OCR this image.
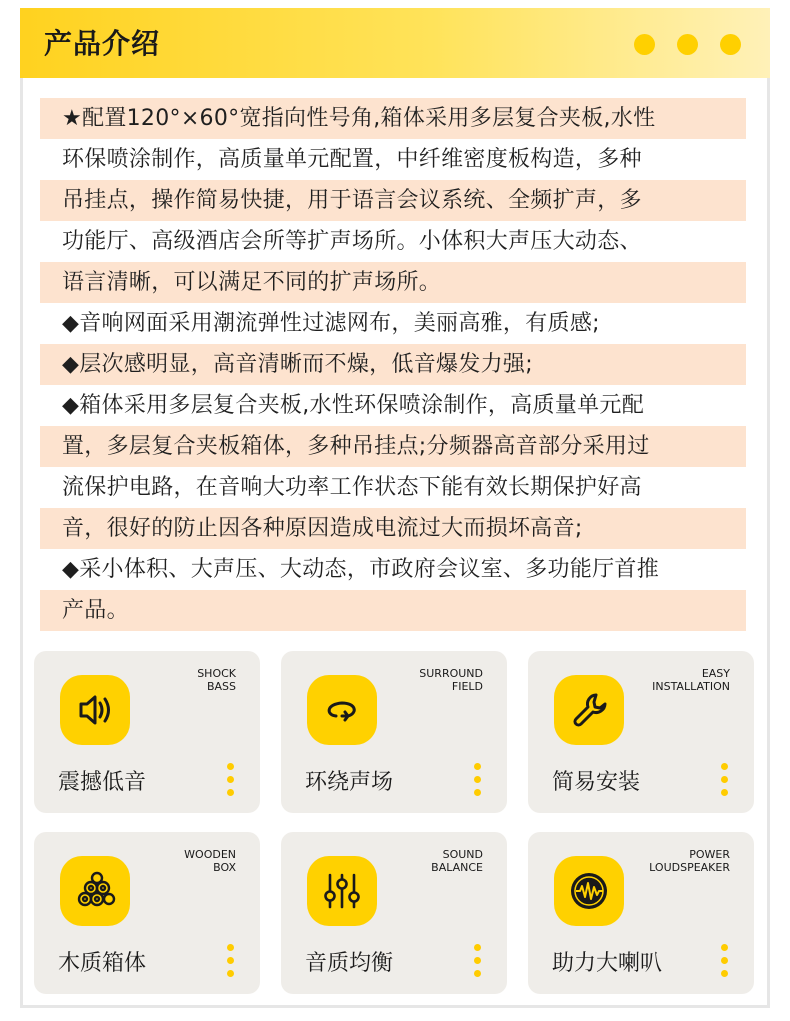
产品介绍
★配置120°×60°宽指向性号角,箱体采用多层复合夹板,水性
环保喷涂制作，高质量单元配置，中纤维密度板构造，多种
吊挂点，操作简易快捷，用于语言会议系统、全频扩声，多
功能厅、高级酒店会所等扩声场所。小体积大声压大动态、
语言清晰，可以满足不同的扩声场所。
◆音响网面采用潮流弹性过滤网布，美丽高雅，有质感;
◆层次感明显，高音清晰而不燥，低音爆发力强;
◆箱体采用多层复合夹板,水性环保喷涂制作，高质量单元配
置，多层复合夹板箱体，多种吊挂点;分频器高音部分采用过
流保护电路，在音响大功率工作状态下能有效长期保护好高
音，很好的防止因各种原因造成电流过大而损坏高音;
◆采小体积、大声压、大动态，市政府会议室、多功能厅首推
产品。
SHOCK
BASS
震撼低音
SURROUND
FIELD
环绕声场
EASY
INSTALLATION
简易安装
WOODEN
BOX
木质箱体
SOUND
BALANCE
音质均衡
POWER
LOUDSPEAKER
助力大喇叭
